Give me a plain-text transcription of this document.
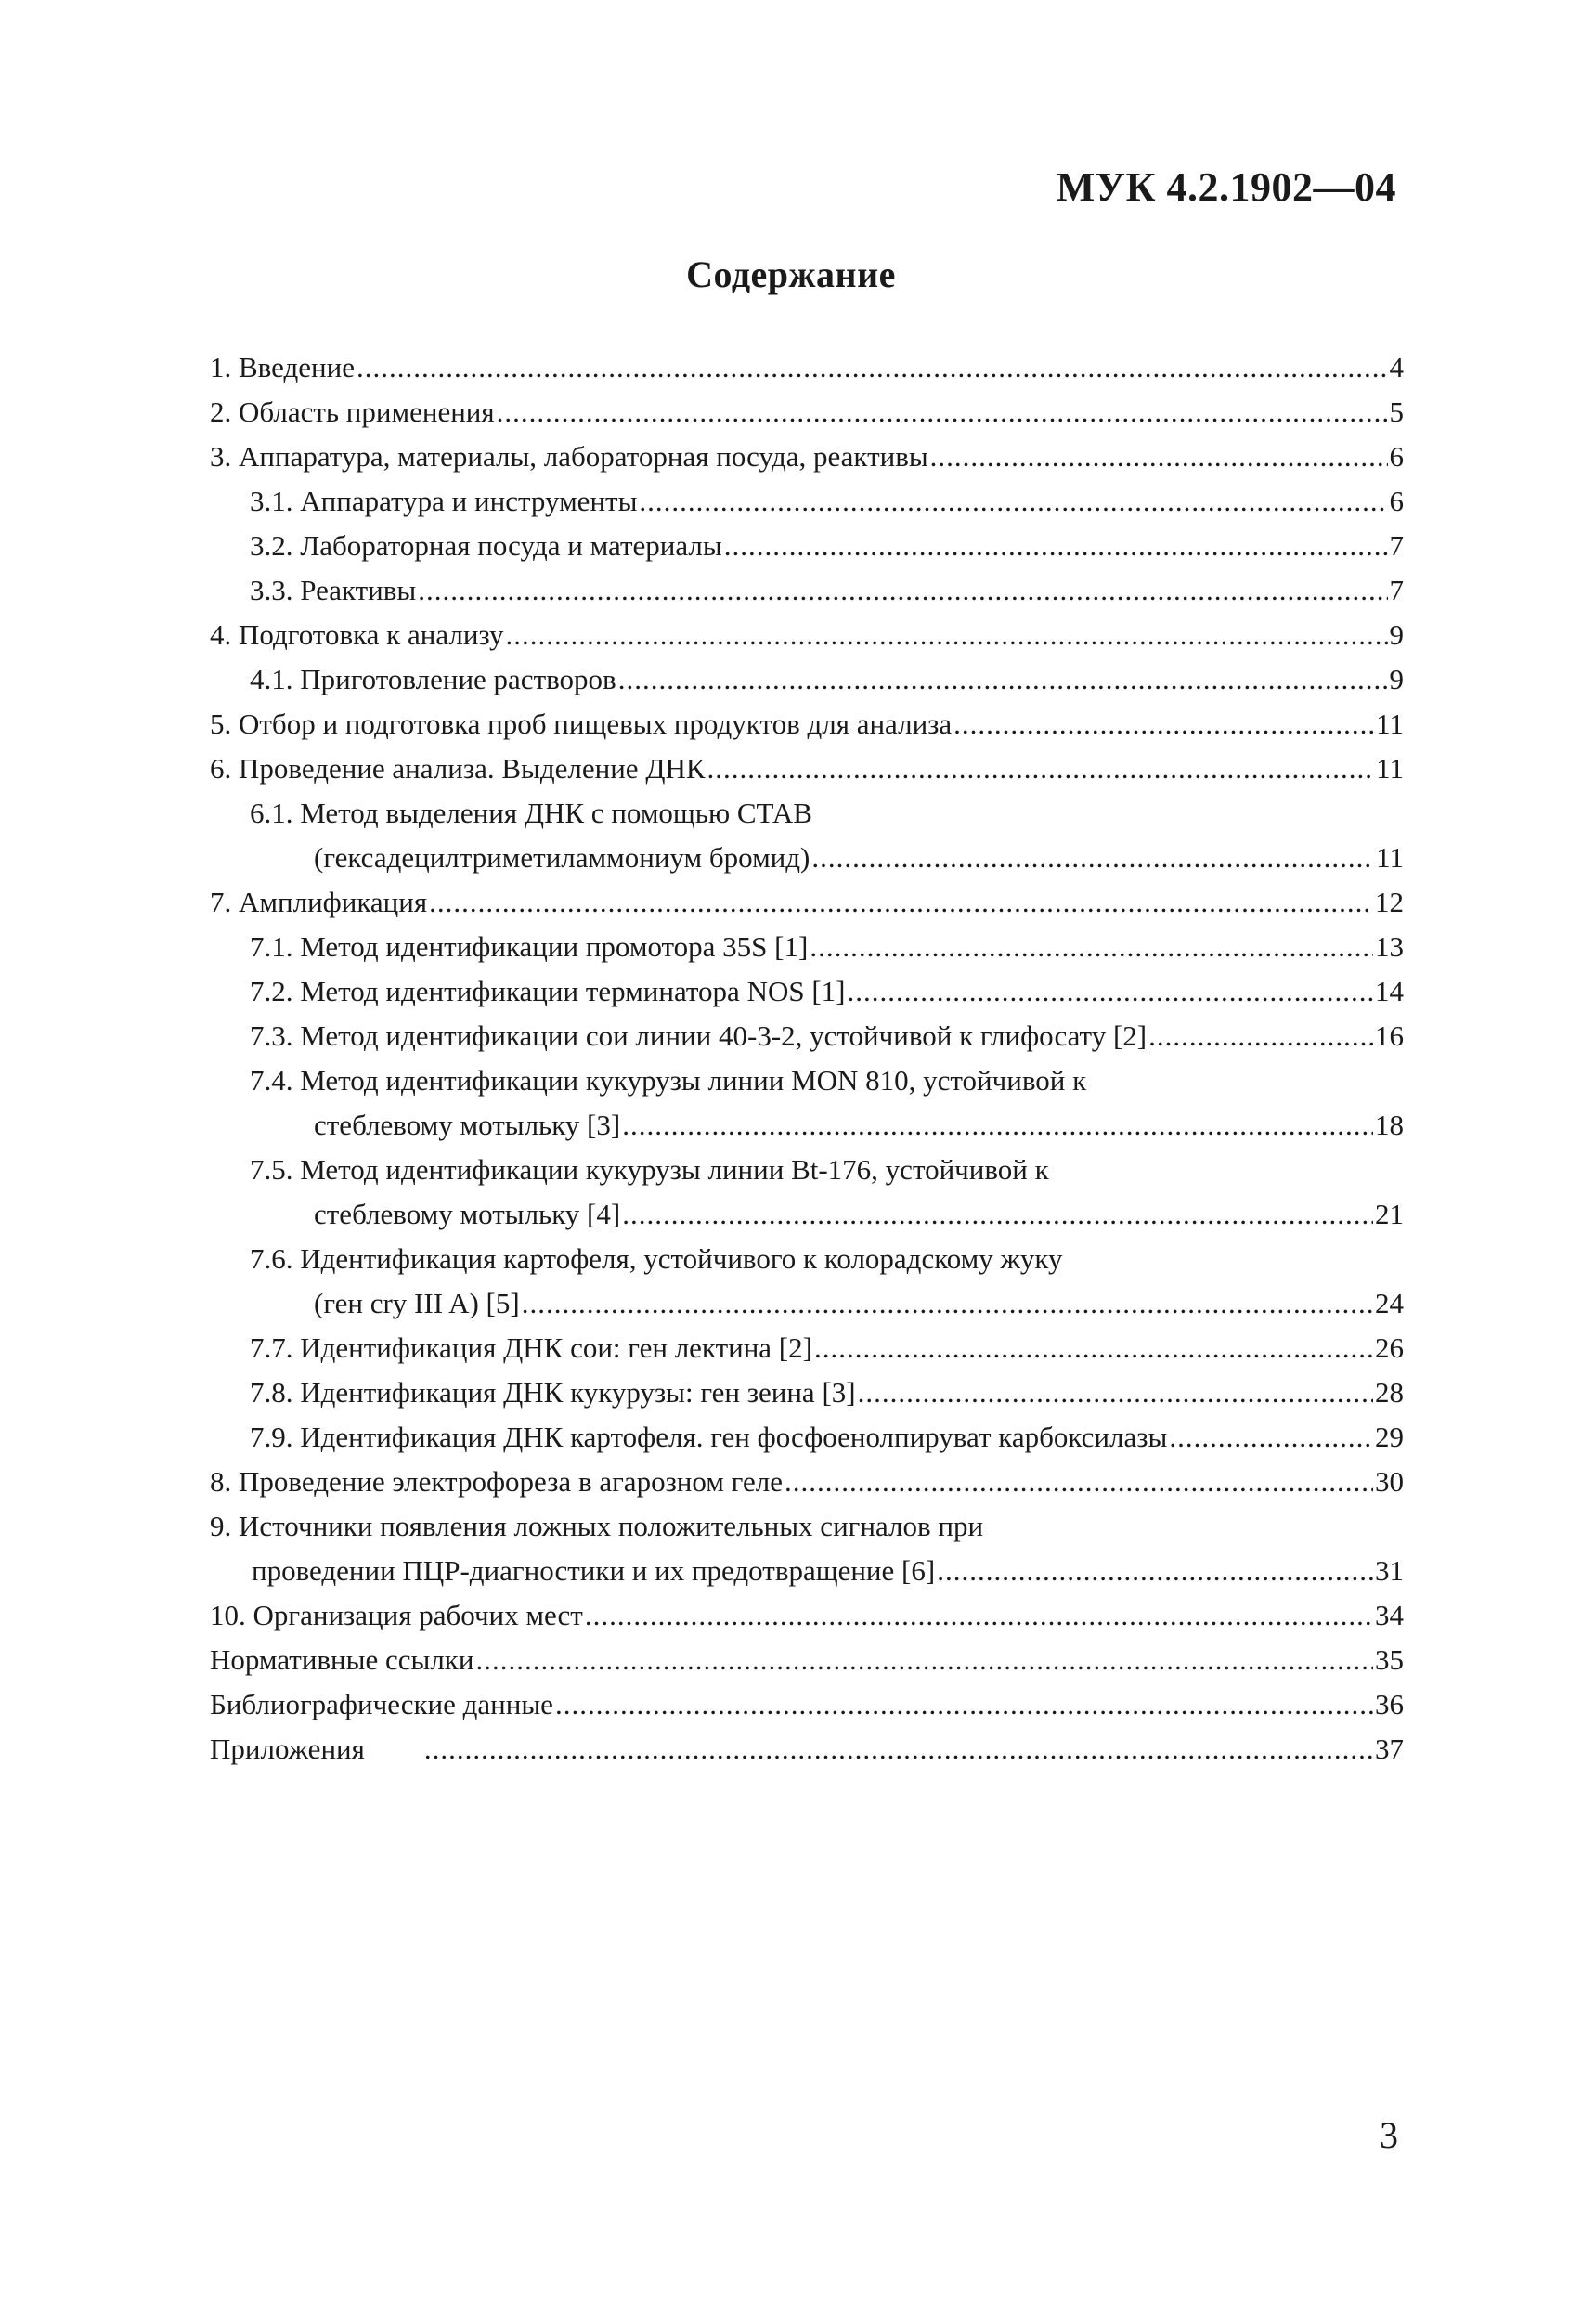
МУК 4.2.1902—04
Содержание
1. Введение .....	4
2. Область применения .....	5
3. Аппаратура, материалы, лабораторная посуда, реактивы .....	6
3.1. Аппаратура и инструменты .....	6
3.2. Лабораторная посуда и материалы .....	7
3.3. Реактивы .....	7
4. Подготовка к анализу .....	9
4.1. Приготовление растворов .....	9
5. Отбор и подготовка проб пищевых продуктов для анализа .....	11
6. Проведение анализа. Выделение ДНК .....	11
6.1. Метод выделения ДНК с помощью СТАВ
(гексадецилтриметиламмониум бромид) .....	11
7. Амплификация .....	12
7.1. Метод идентификации промотора 35S [1] .....	13
7.2. Метод идентификации терминатора NOS [1] .....	14
7.3. Метод идентификации сои линии 40-3-2, устойчивой к глифосату [2] .....	16
7.4. Метод идентификации кукурузы линии MON 810, устойчивой к
стеблевому мотыльку [3] .....	18
7.5. Метод идентификации кукурузы линии Bt-176, устойчивой к
стеблевому мотыльку [4] .....	21
7.6. Идентификация картофеля, устойчивого к колорадскому жуку
(ген cry III A) [5] .....	24
7.7. Идентификация ДНК сои: ген лектина [2] .....	26
7.8. Идентификация ДНК кукурузы: ген зеина [3] .....	28
7.9. Идентификация ДНК картофеля. ген фосфоенолпируват карбоксилазы .....	29
8. Проведение электрофореза в агарозном геле .....	30
9. Источники появления ложных положительных сигналов при
проведении ПЦР-диагностики и их предотвращение [6] .....	31
10. Организация рабочих мест .....	34
Нормативные ссылки .....	35
Библиографические данные .....	36
Приложения .....	37
3
